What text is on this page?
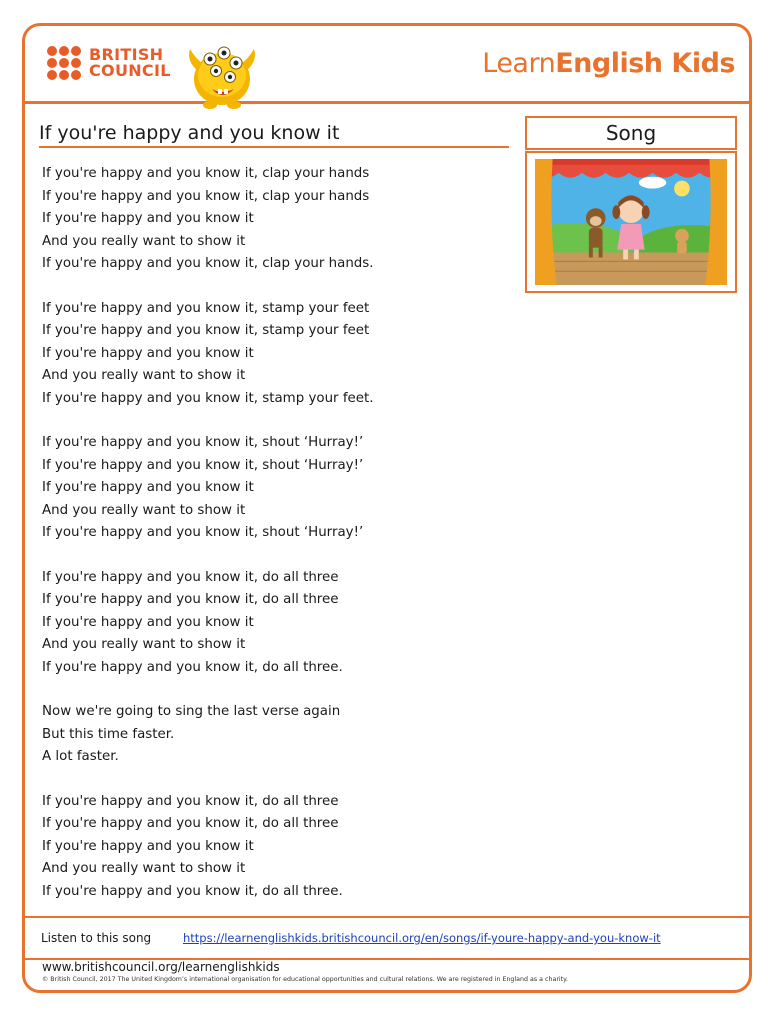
BRITISH
COUNCIL	LearnEnglish Kids
If you're happy and you know it	Song
If you're happy and you know it, clap your hands
If you're happy and you know it, clap your hands
If you're happy and you know it
And you really want to show it
If you're happy and you know it, clap your hands.
If you're happy and you know it, stamp your feet
If you're happy and you know it, stamp your feet
If you're happy and you know it
And you really want to show it
If you're happy and you know it, stamp your feet.
If you're happy and you know it, shout ‘Hurray!’
If you're happy and you know it, shout ‘Hurray!’
If you're happy and you know it
And you really want to show it
If you're happy and you know it, shout ‘Hurray!’
If you're happy and you know it, do all three
If you're happy and you know it, do all three
If you're happy and you know it
And you really want to show it
If you're happy and you know it, do all three.
Now we're going to sing the last verse again
But this time faster.
A lot faster.
If you're happy and you know it, do all three
If you're happy and you know it, do all three
If you're happy and you know it
And you really want to show it
If you're happy and you know it, do all three.
Listen to this song	https://learnenglishkids.britishcouncil.org/en/songs/if-youre-happy-and-you-know-it
www.britishcouncil.org/learnenglishkids
© British Council, 2017 The United Kingdom’s international organisation for educational opportunities and cultural relations. We are registered in England as a charity.
